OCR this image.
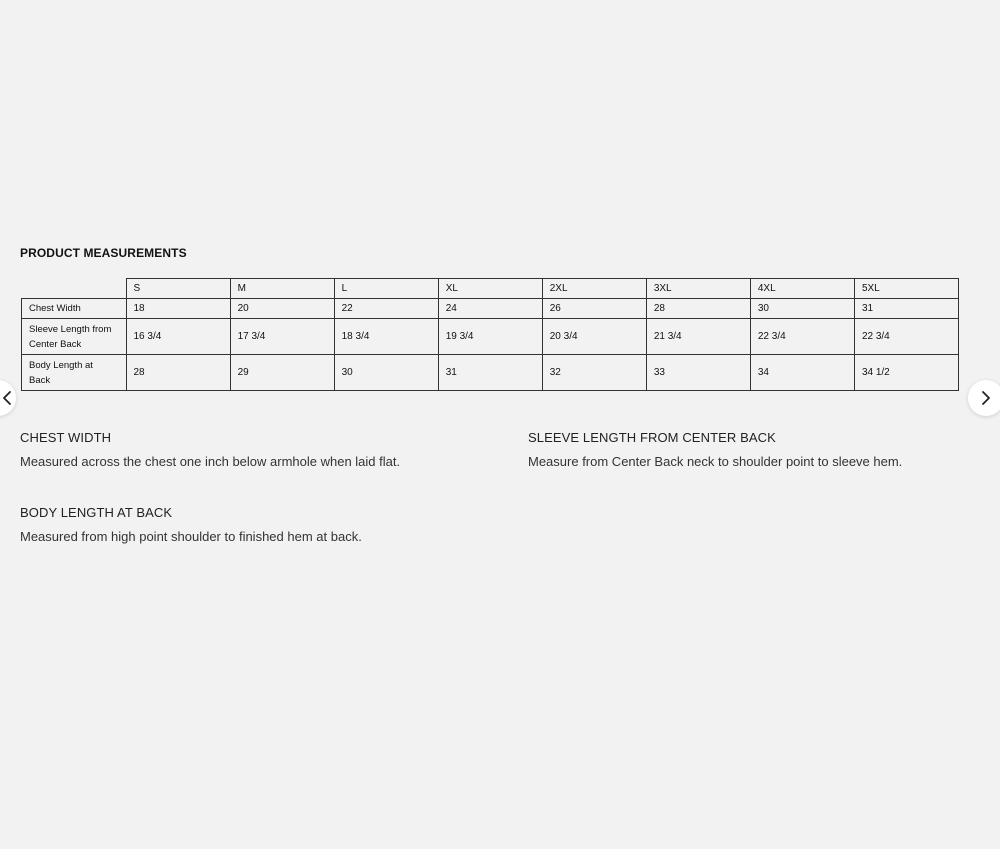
PRODUCT MEASUREMENTS
	S	M	L	XL	2XL	3XL	4XL	5XL
Chest Width	18	20	22	24	26	28	30	31

Sleeve Length from
Center Back	16 3/4	17 3/4	18 3/4	19 3/4	20 3/4	21 3/4	22 3/4	22 3/4

Body Length at
Back	28	29	30	31	32	33	34	34 1/2
CHEST WIDTH
Measured across the chest one inch below armhole when laid flat.
SLEEVE LENGTH FROM CENTER BACK
Measure from Center Back neck to shoulder point to sleeve hem.
BODY LENGTH AT BACK
Measured from high point shoulder to finished hem at back.
